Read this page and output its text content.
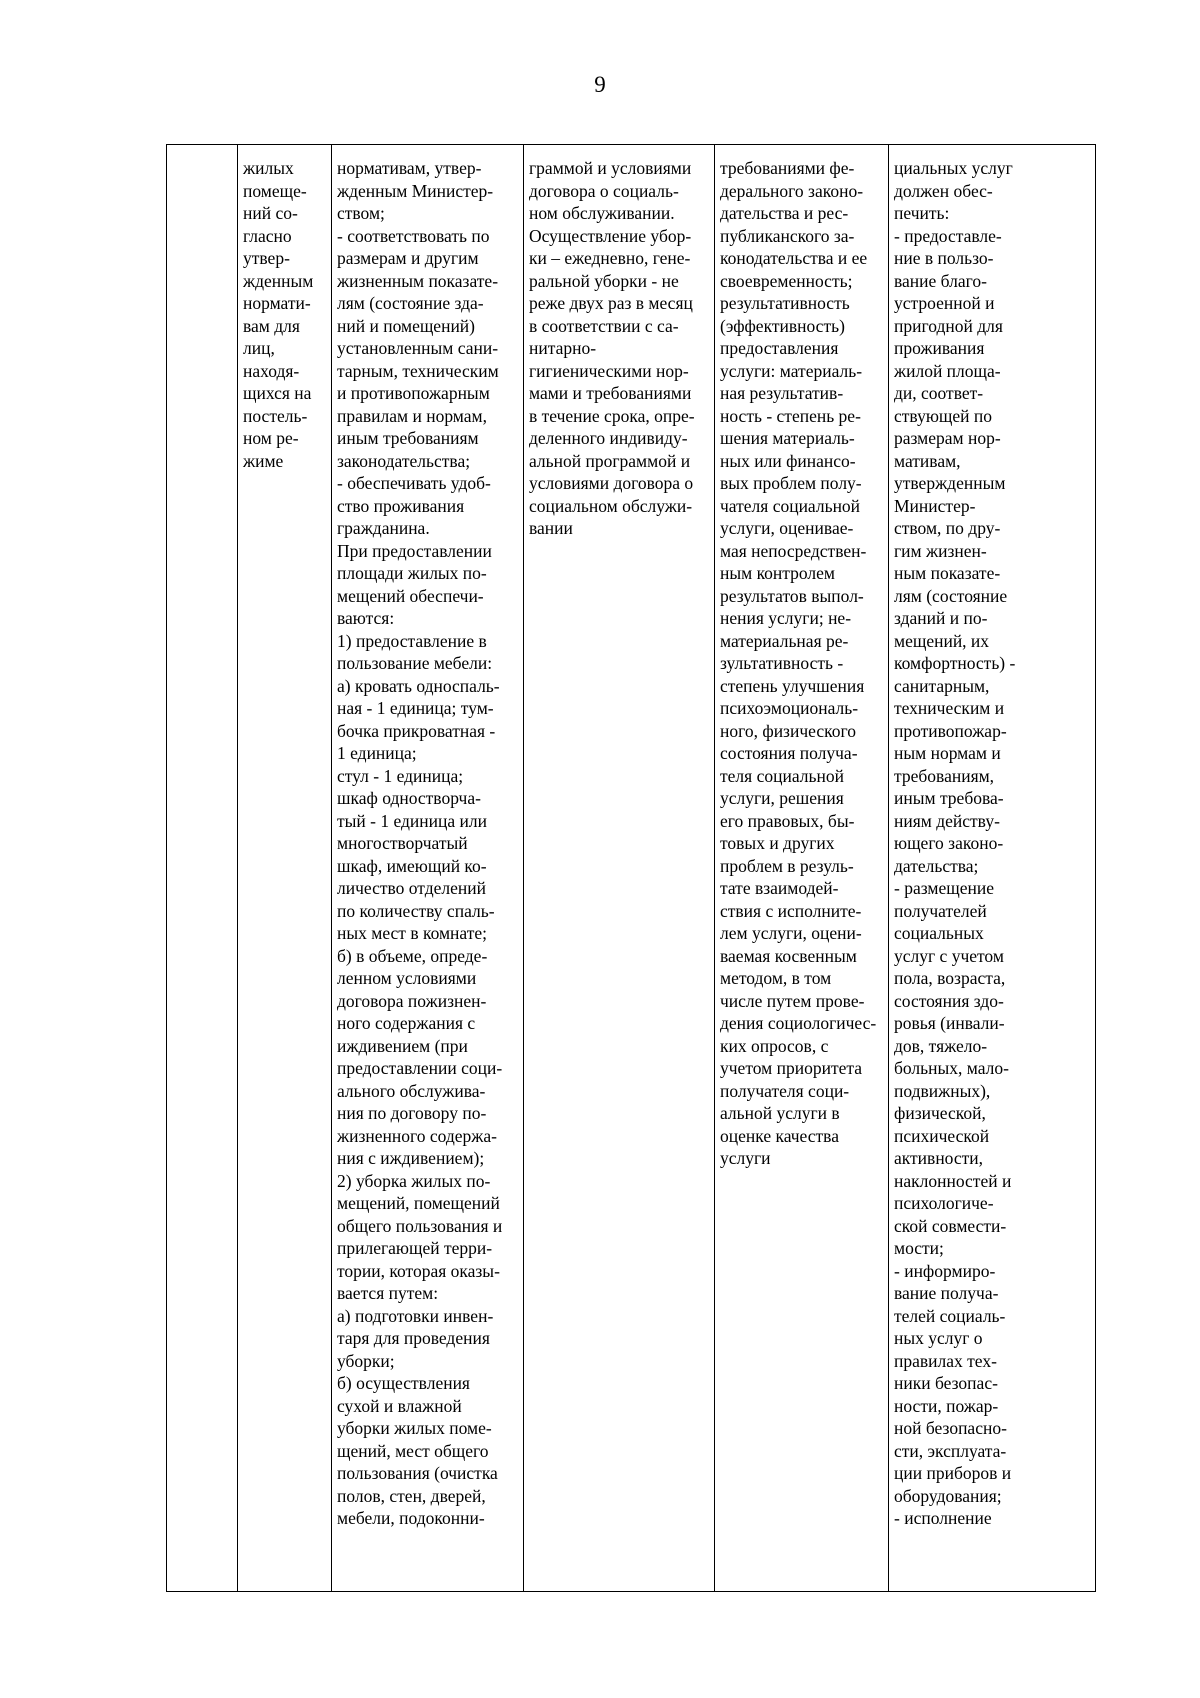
9

жилых
помеще-
ний со-
гласно
утвер-
жденным
нормати-
вам для
лиц,
находя-
щихся на
постель-
ном ре-
жиме

нормативам, утвер-
жденным Министер-
ством;
- соответствовать по
размерам и другим
жизненным показате-
лям (состояние зда-
ний и помещений)
установленным сани-
тарным, техническим
и противопожарным
правилам и нормам,
иным требованиям
законодательства;
- обеспечивать удоб-
ство проживания
гражданина.
При предоставлении
площади жилых по-
мещений обеспечи-
ваются:
1) предоставление в
пользование мебели:
а) кровать односпаль-
ная - 1 единица; тум-
бочка прикроватная -
1 единица;
стул - 1 единица;
шкаф одностворча-
тый - 1 единица или
многостворчатый
шкаф, имеющий ко-
личество отделений
по количеству спаль-
ных мест в комнате;
б) в объеме, опреде-
ленном условиями
договора пожизнен-
ного содержания с
иждивением (при
предоставлении соци-
ального обслужива-
ния по договору по-
жизненного содержа-
ния с иждивением);
2) уборка жилых по-
мещений, помещений
общего пользования и
прилегающей терри-
тории, которая оказы-
вается путем:
а) подготовки инвен-
таря для проведения
уборки;
б) осуществления
сухой и влажной
уборки жилых поме-
щений, мест общего
пользования (очистка
полов, стен, дверей,
мебели, подоконни-

граммой и условиями
договора о социаль-
ном обслуживании.
Осуществление убор-
ки – ежедневно, гене-
ральной уборки - не
реже двух раз в месяц
в соответствии с са-
нитарно-
гигиеническими нор-
мами и требованиями
в течение срока, опре-
деленного индивиду-
альной программой и
условиями договора о
социальном обслужи-
вании

требованиями фе-
дерального законо-
дательства и рес-
публиканского за-
конодательства и ее
своевременность;
результативность
(эффективность)
предоставления
услуги: материаль-
ная результатив-
ность - степень ре-
шения материаль-
ных или финансо-
вых проблем полу-
чателя социальной
услуги, оценивае-
мая непосредствен-
ным контролем
результатов выпол-
нения услуги; не-
материальная ре-
зультативность -
степень улучшения
психоэмоциональ-
ного, физического
состояния получа-
теля социальной
услуги, решения
его правовых, бы-
товых и других
проблем в резуль-
тате взаимодей-
ствия с исполните-
лем услуги, оцени-
ваемая косвенным
методом, в том
числе путем прове-
дения социологичес-
ких опросов, с
учетом приоритета
получателя соци-
альной услуги в
оценке качества
услуги

циальных услуг
должен обес-
печить:
- предоставле-
ние в пользо-
вание благо-
устроенной и
пригодной для
проживания
жилой площа-
ди, соответ-
ствующей по
размерам нор-
мативам,
утвержденным
Министер-
ством, по дру-
гим жизнен-
ным показате-
лям (состояние
зданий и по-
мещений, их
комфортность) -
санитарным,
техническим и
противопожар-
ным нормам и
требованиям,
иным требова-
ниям действу-
ющего законо-
дательства;
- размещение
получателей
социальных
услуг с учетом
пола, возраста,
состояния здо-
ровья (инвали-
дов, тяжело-
больных, мало-
подвижных),
физической,
психической
активности,
наклонностей и
психологиче-
ской совмести-
мости;
- информиро-
вание получа-
телей социаль-
ных услуг о
правилах тех-
ники безопас-
ности, пожар-
ной безопасно-
сти, эксплуата-
ции приборов и
оборудования;
- исполнение
